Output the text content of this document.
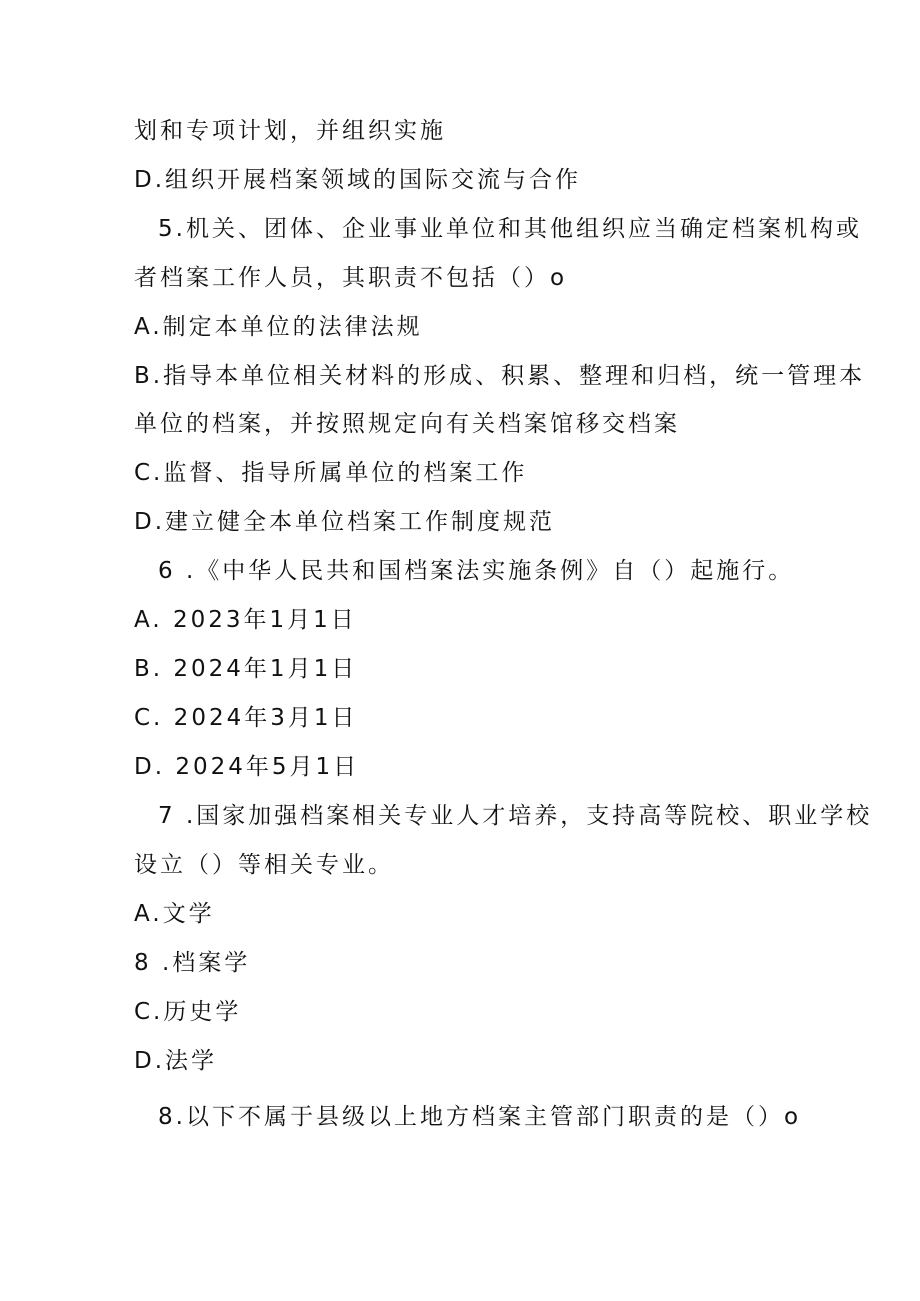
划和专项计划，并组织实施
D.组织开展档案领域的国际交流与合作
5.机关、团体、企业事业单位和其他组织应当确定档案机构或
者档案工作人员，其职责不包括（）o
A.制定本单位的法律法规
B.指导本单位相关材料的形成、积累、整理和归档，统一管理本
单位的档案，并按照规定向有关档案馆移交档案
C.监督、指导所属单位的档案工作
D.建立健全本单位档案工作制度规范
6 .《中华人民共和国档案法实施条例》自（）起施行。
A. 2023年1月1日
B. 2024年1月1日
C. 2024年3月1日
D. 2024年5月1日
7 .国家加强档案相关专业人才培养，支持高等院校、职业学校
设立（）等相关专业。
A.文学
8 .档案学
C.历史学
D.法学
8.以下不属于县级以上地方档案主管部门职责的是（）o
